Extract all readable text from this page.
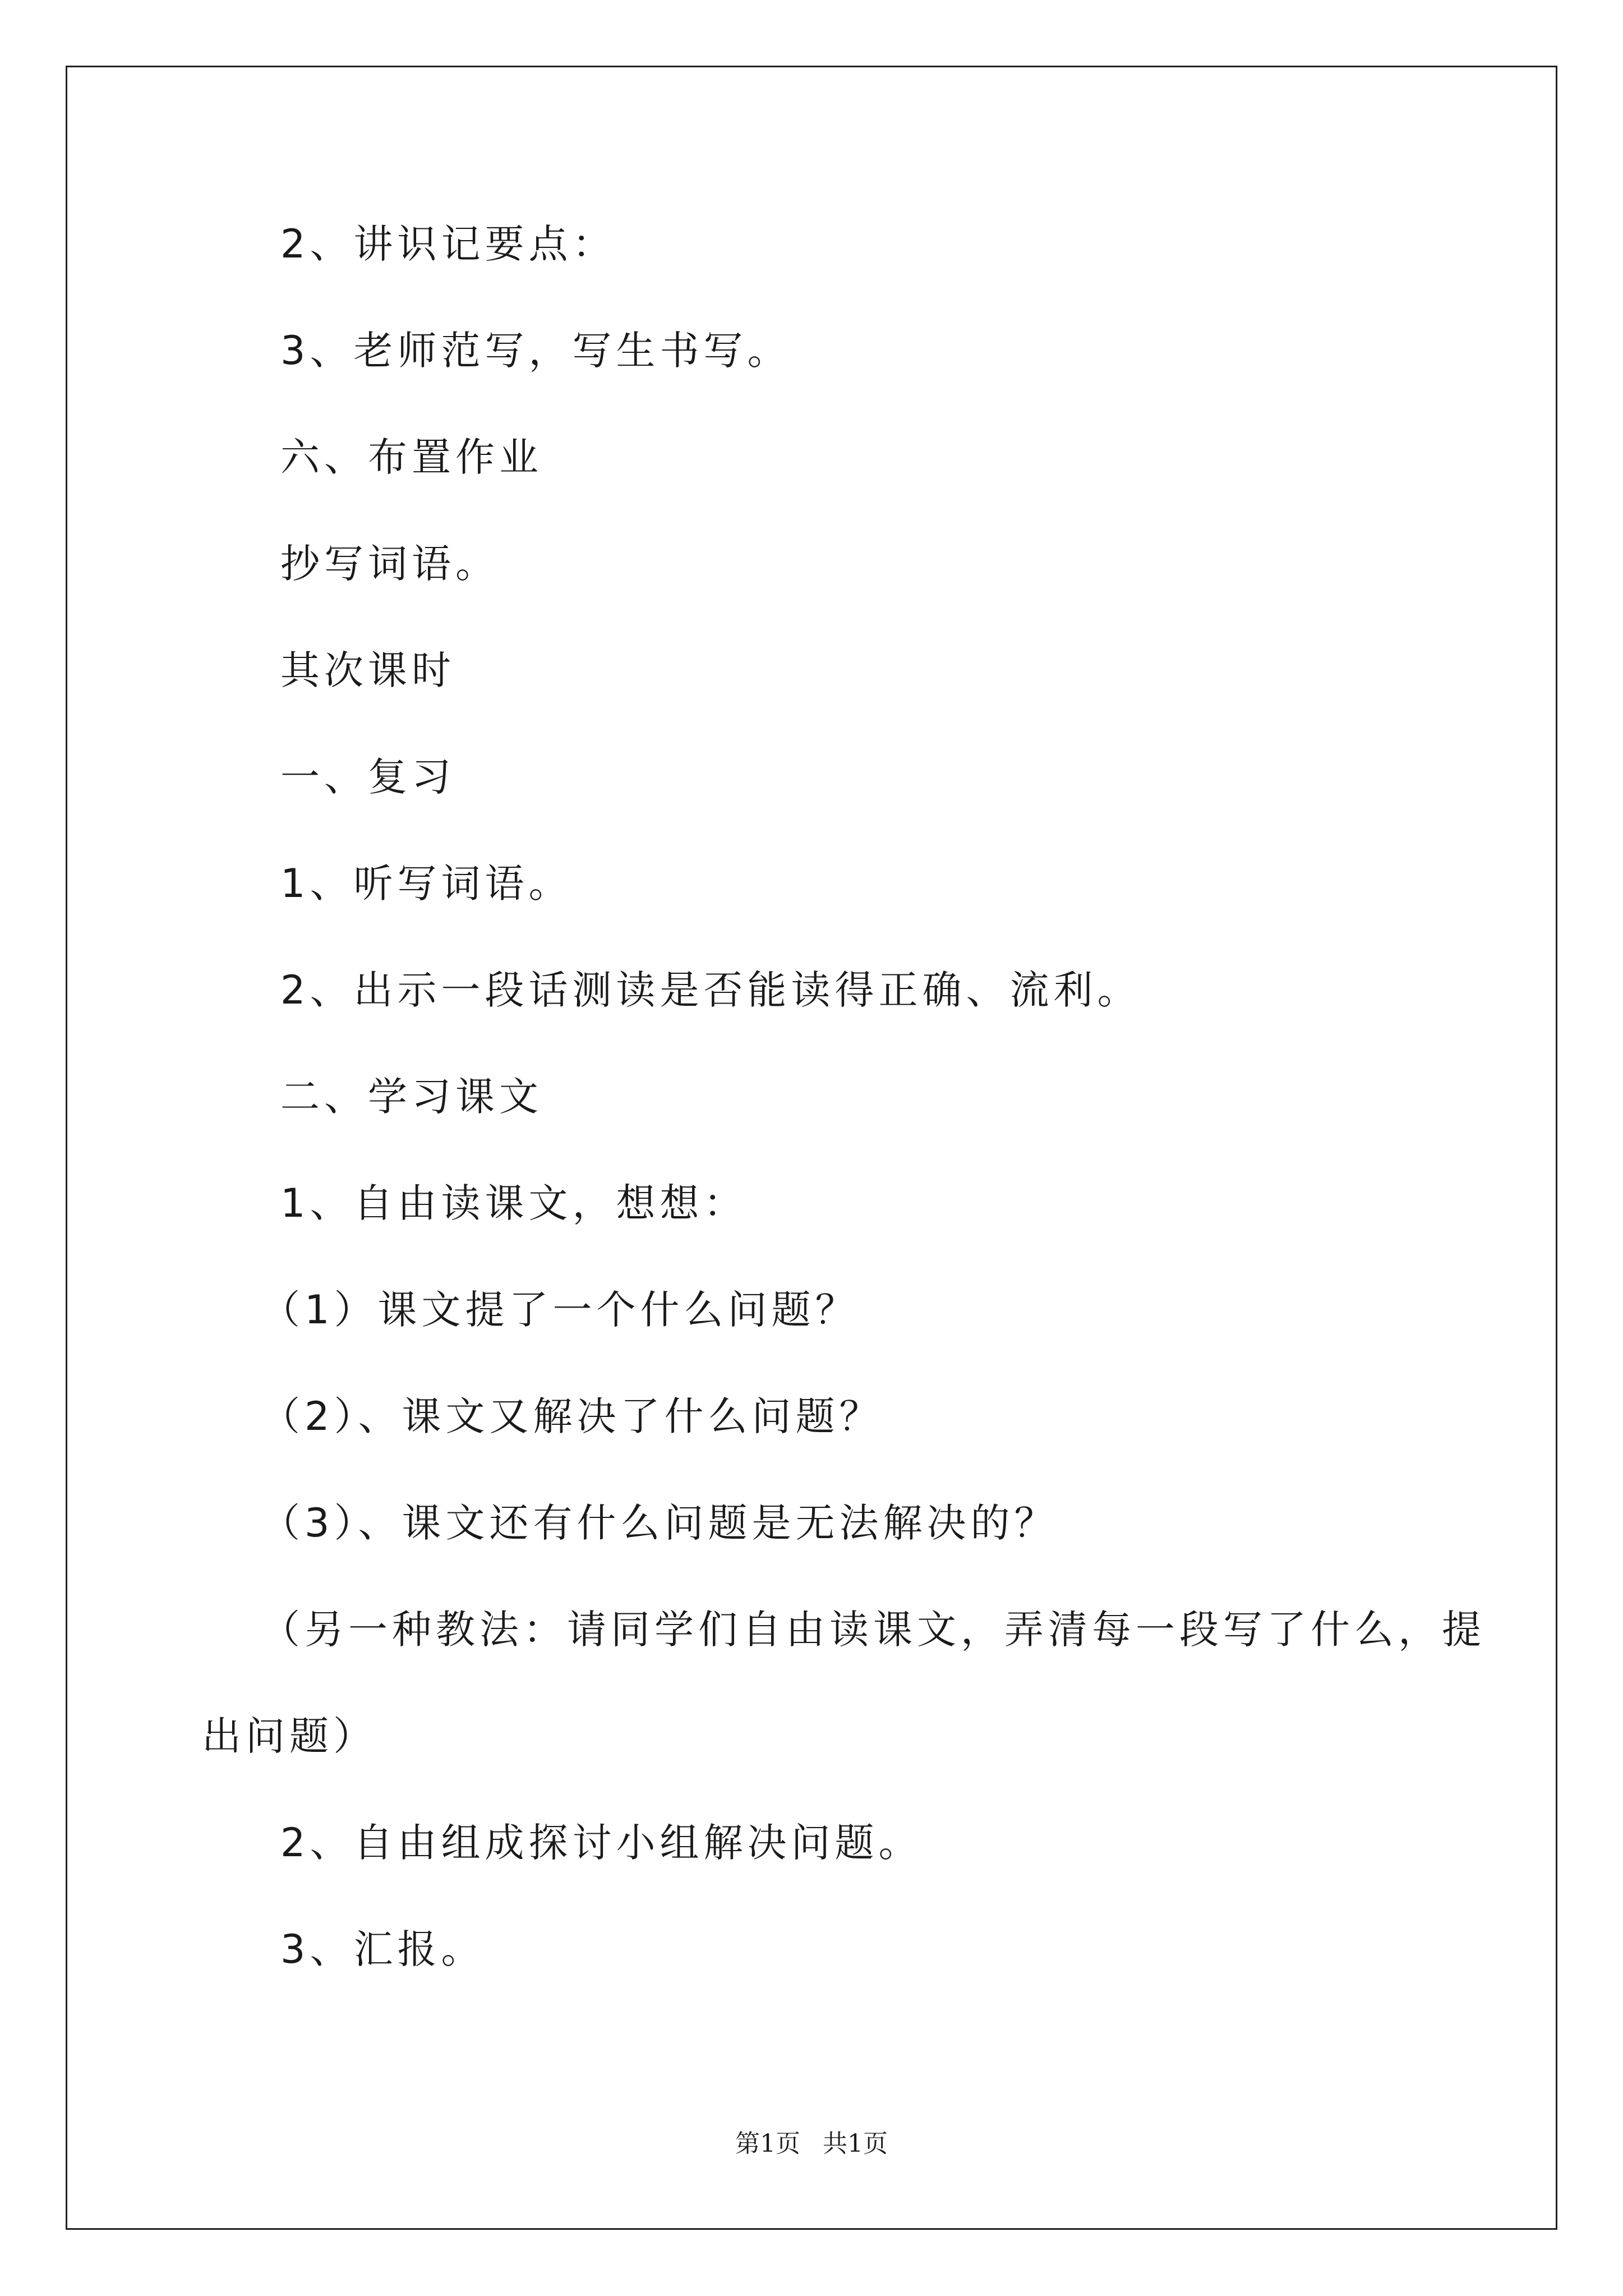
2、讲识记要点：
3、老师范写，写生书写。
六、布置作业
抄写词语。
其次课时
一、复习
1、听写词语。
2、出示一段话测读是否能读得正确、流利。
二、学习课文
1、自由读课文，想想：
（1）课文提了一个什么问题？
（2）、课文又解决了什么问题？
（3）、课文还有什么问题是无法解决的？
（另一种教法：请同学们自由读课文，弄清每一段写了什么，提
出问题）
2、自由组成探讨小组解决问题。
3、汇报。
第1页 共1页
